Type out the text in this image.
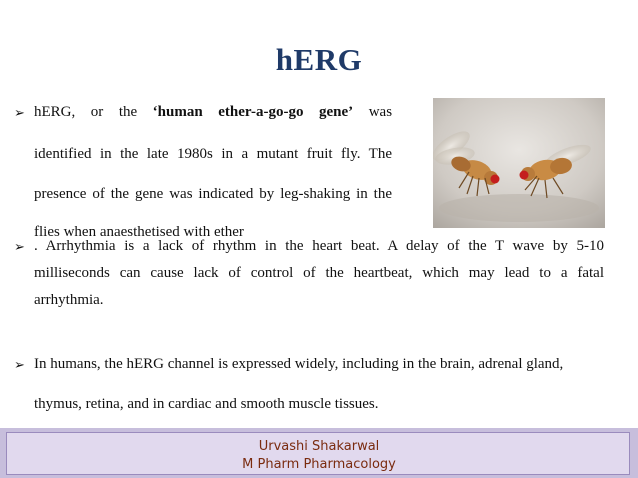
hERG
➢ hERG, or the ‘human ether-a-go-go gene’ was
identified in the late 1980s in a mutant fruit fly. The
presence of the gene was indicated by leg-shaking in the
flies when anaesthetised with ether
➢ . Arrhythmia is a lack of rhythm in the heart beat. A delay of the T wave by 5-10
milliseconds can cause lack of control of the heartbeat, which may lead to a fatal
arrhythmia.
➢ In humans, the hERG channel is expressed widely, including in the brain, adrenal gland,
thymus, retina, and in cardiac and smooth muscle tissues.
Urvashi Shakarwal
M Pharm Pharmacology
